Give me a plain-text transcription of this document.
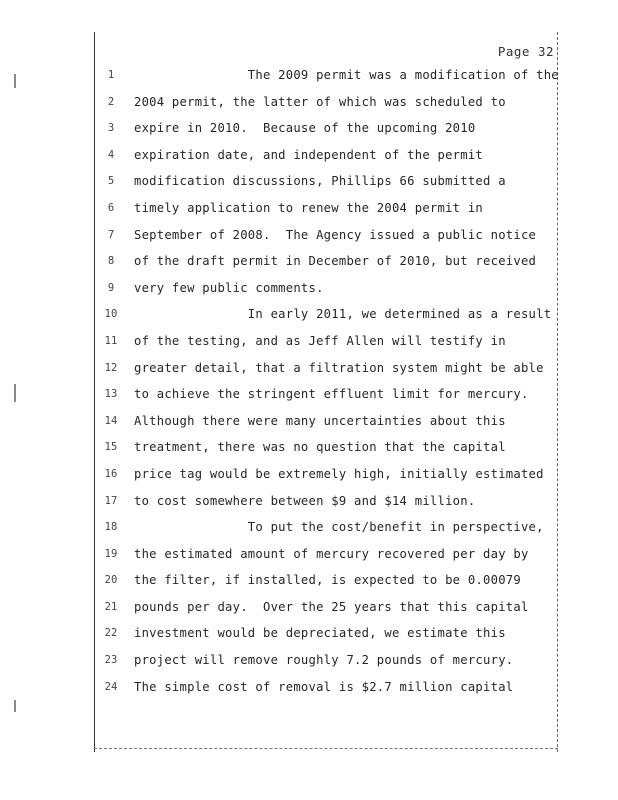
Page 32
1	The 2009 permit was a modification of the
2	2004 permit, the latter of which was scheduled to
3	expire in 2010.  Because of the upcoming 2010
4	expiration date, and independent of the permit
5	modification discussions, Phillips 66 submitted a
6	timely application to renew the 2004 permit in
7	September of 2008.  The Agency issued a public notice
8	of the draft permit in December of 2010, but received
9	very few public comments.
10	In early 2011, we determined as a result
11	of the testing, and as Jeff Allen will testify in
12	greater detail, that a filtration system might be able
13	to achieve the stringent effluent limit for mercury.
14	Although there were many uncertainties about this
15	treatment, there was no question that the capital
16	price tag would be extremely high, initially estimated
17	to cost somewhere between $9 and $14 million.
18	To put the cost/benefit in perspective,
19	the estimated amount of mercury recovered per day by
20	the filter, if installed, is expected to be 0.00079
21	pounds per day.  Over the 25 years that this capital
22	investment would be depreciated, we estimate this
23	project will remove roughly 7.2 pounds of mercury.
24	The simple cost of removal is $2.7 million capital
